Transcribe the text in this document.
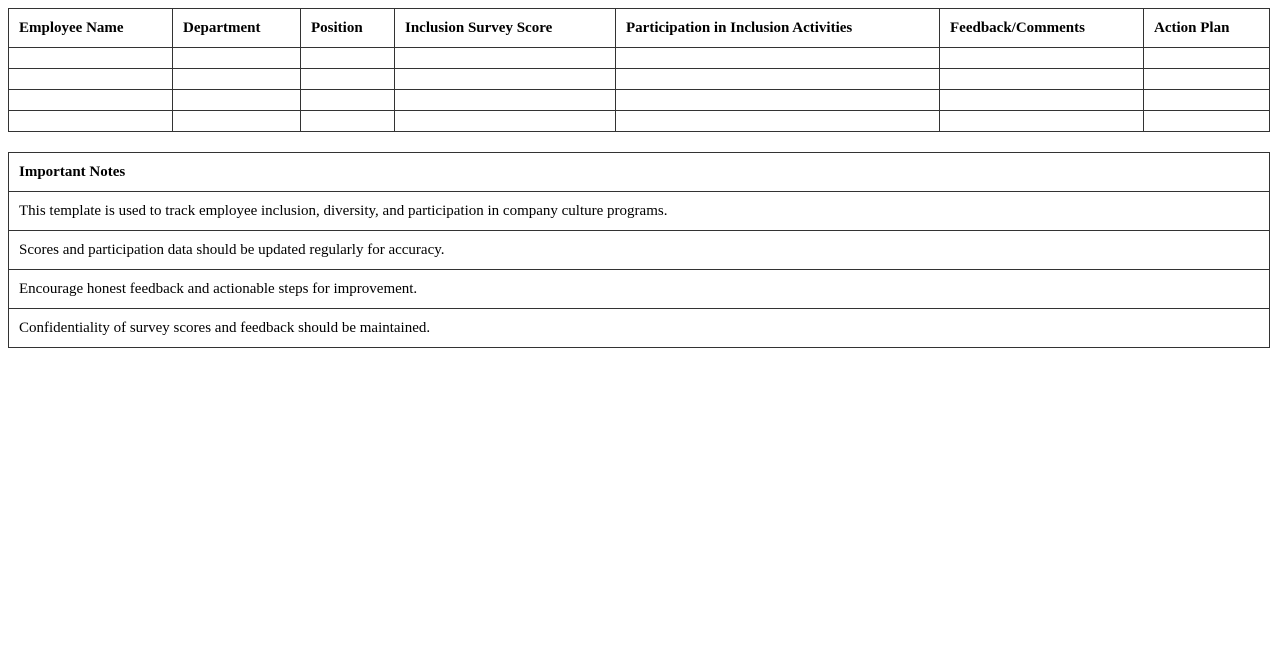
Employee Name	Department	Position	Inclusion Survey Score	Participation in Inclusion Activities	Feedback/Comments	Action Plan

Important Notes
This template is used to track employee inclusion, diversity, and participation in company culture programs.
Scores and participation data should be updated regularly for accuracy.
Encourage honest feedback and actionable steps for improvement.
Confidentiality of survey scores and feedback should be maintained.
